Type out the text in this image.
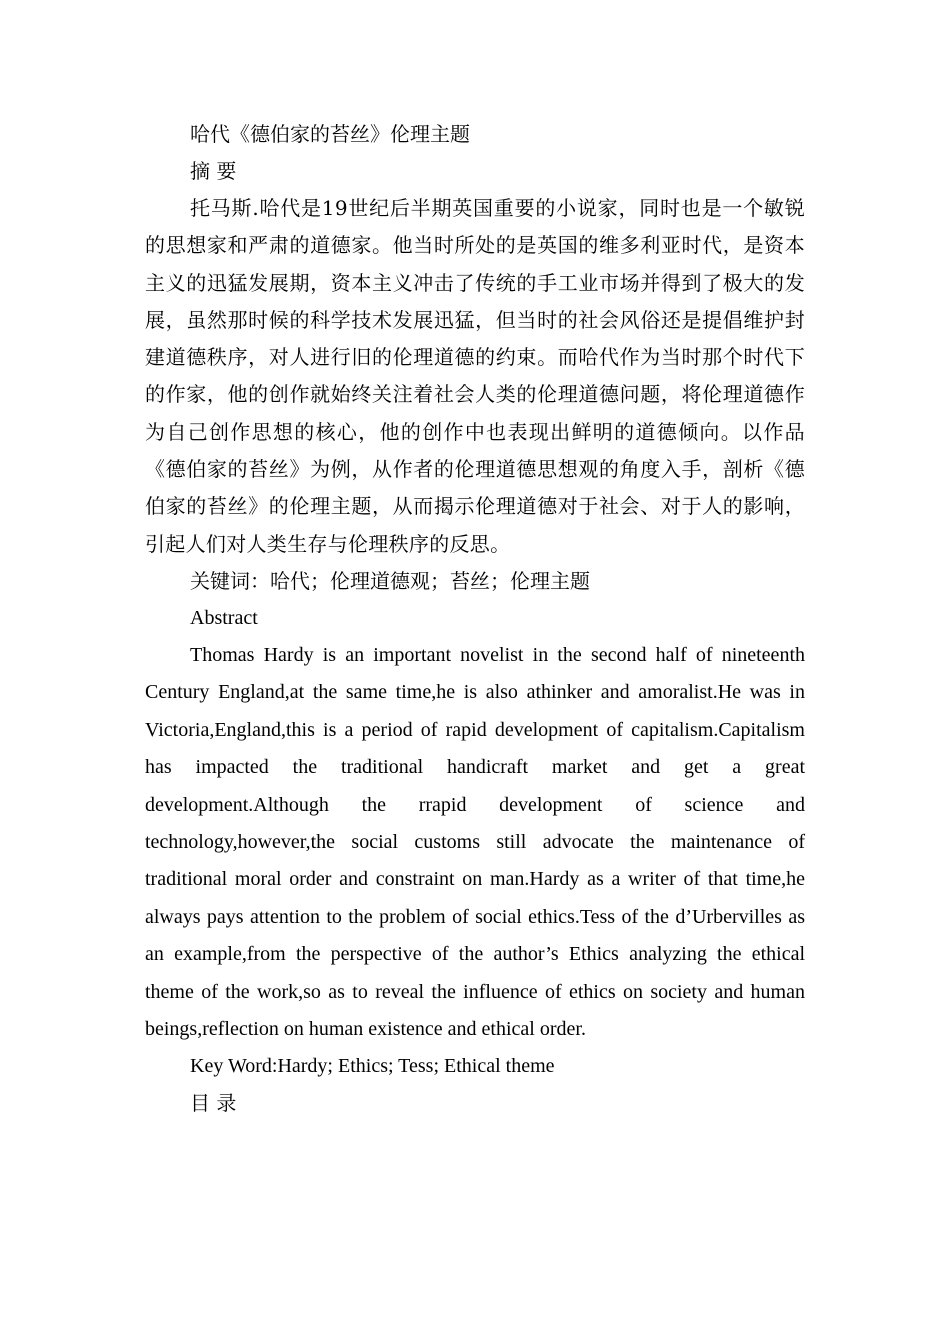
哈代《德伯家的苔丝》伦理主题

摘 要

托马斯.哈代是19世纪后半期英国重要的小说家，同时也是一个敏锐的思想家和严肃的道德家。他当时所处的是英国的维多利亚时代，是资本主义的迅猛发展期，资本主义冲击了传统的手工业市场并得到了极大的发展，虽然那时候的科学技术发展迅猛，但当时的社会风俗还是提倡维护封建道德秩序，对人进行旧的伦理道德的约束。而哈代作为当时那个时代下的作家，他的创作就始终关注着社会人类的伦理道德问题，将伦理道德作为自己创作思想的核心，他的创作中也表现出鲜明的道德倾向。以作品《德伯家的苔丝》为例，从作者的伦理道德思想观的角度入手，剖析《德伯家的苔丝》的伦理主题，从而揭示伦理道德对于社会、对于人的影响，引起人们对人类生存与伦理秩序的反思。

关键词：哈代；伦理道德观；苔丝；伦理主题

Abstract

Thomas Hardy is an important novelist in the second half of nineteenth Century England,at the same time,he is also athinker and amoralist.He was in Victoria,England,this is a period of rapid development of capitalism.Capitalism has impacted the traditional handicraft market and get a great development.Although the rrapid development of science and technology,however,the social customs still advocate the maintenance of traditional moral order and constraint on man.Hardy as a writer of that time,he always pays attention to the problem of social ethics.Tess of the d’Urbervilles as an example,from the perspective of the author’s Ethics analyzing the ethical theme of the work,so as to reveal the influence of ethics on society and human beings,reflection on human existence and ethical order.

Key Word:Hardy; Ethics; Tess; Ethical theme

目 录
